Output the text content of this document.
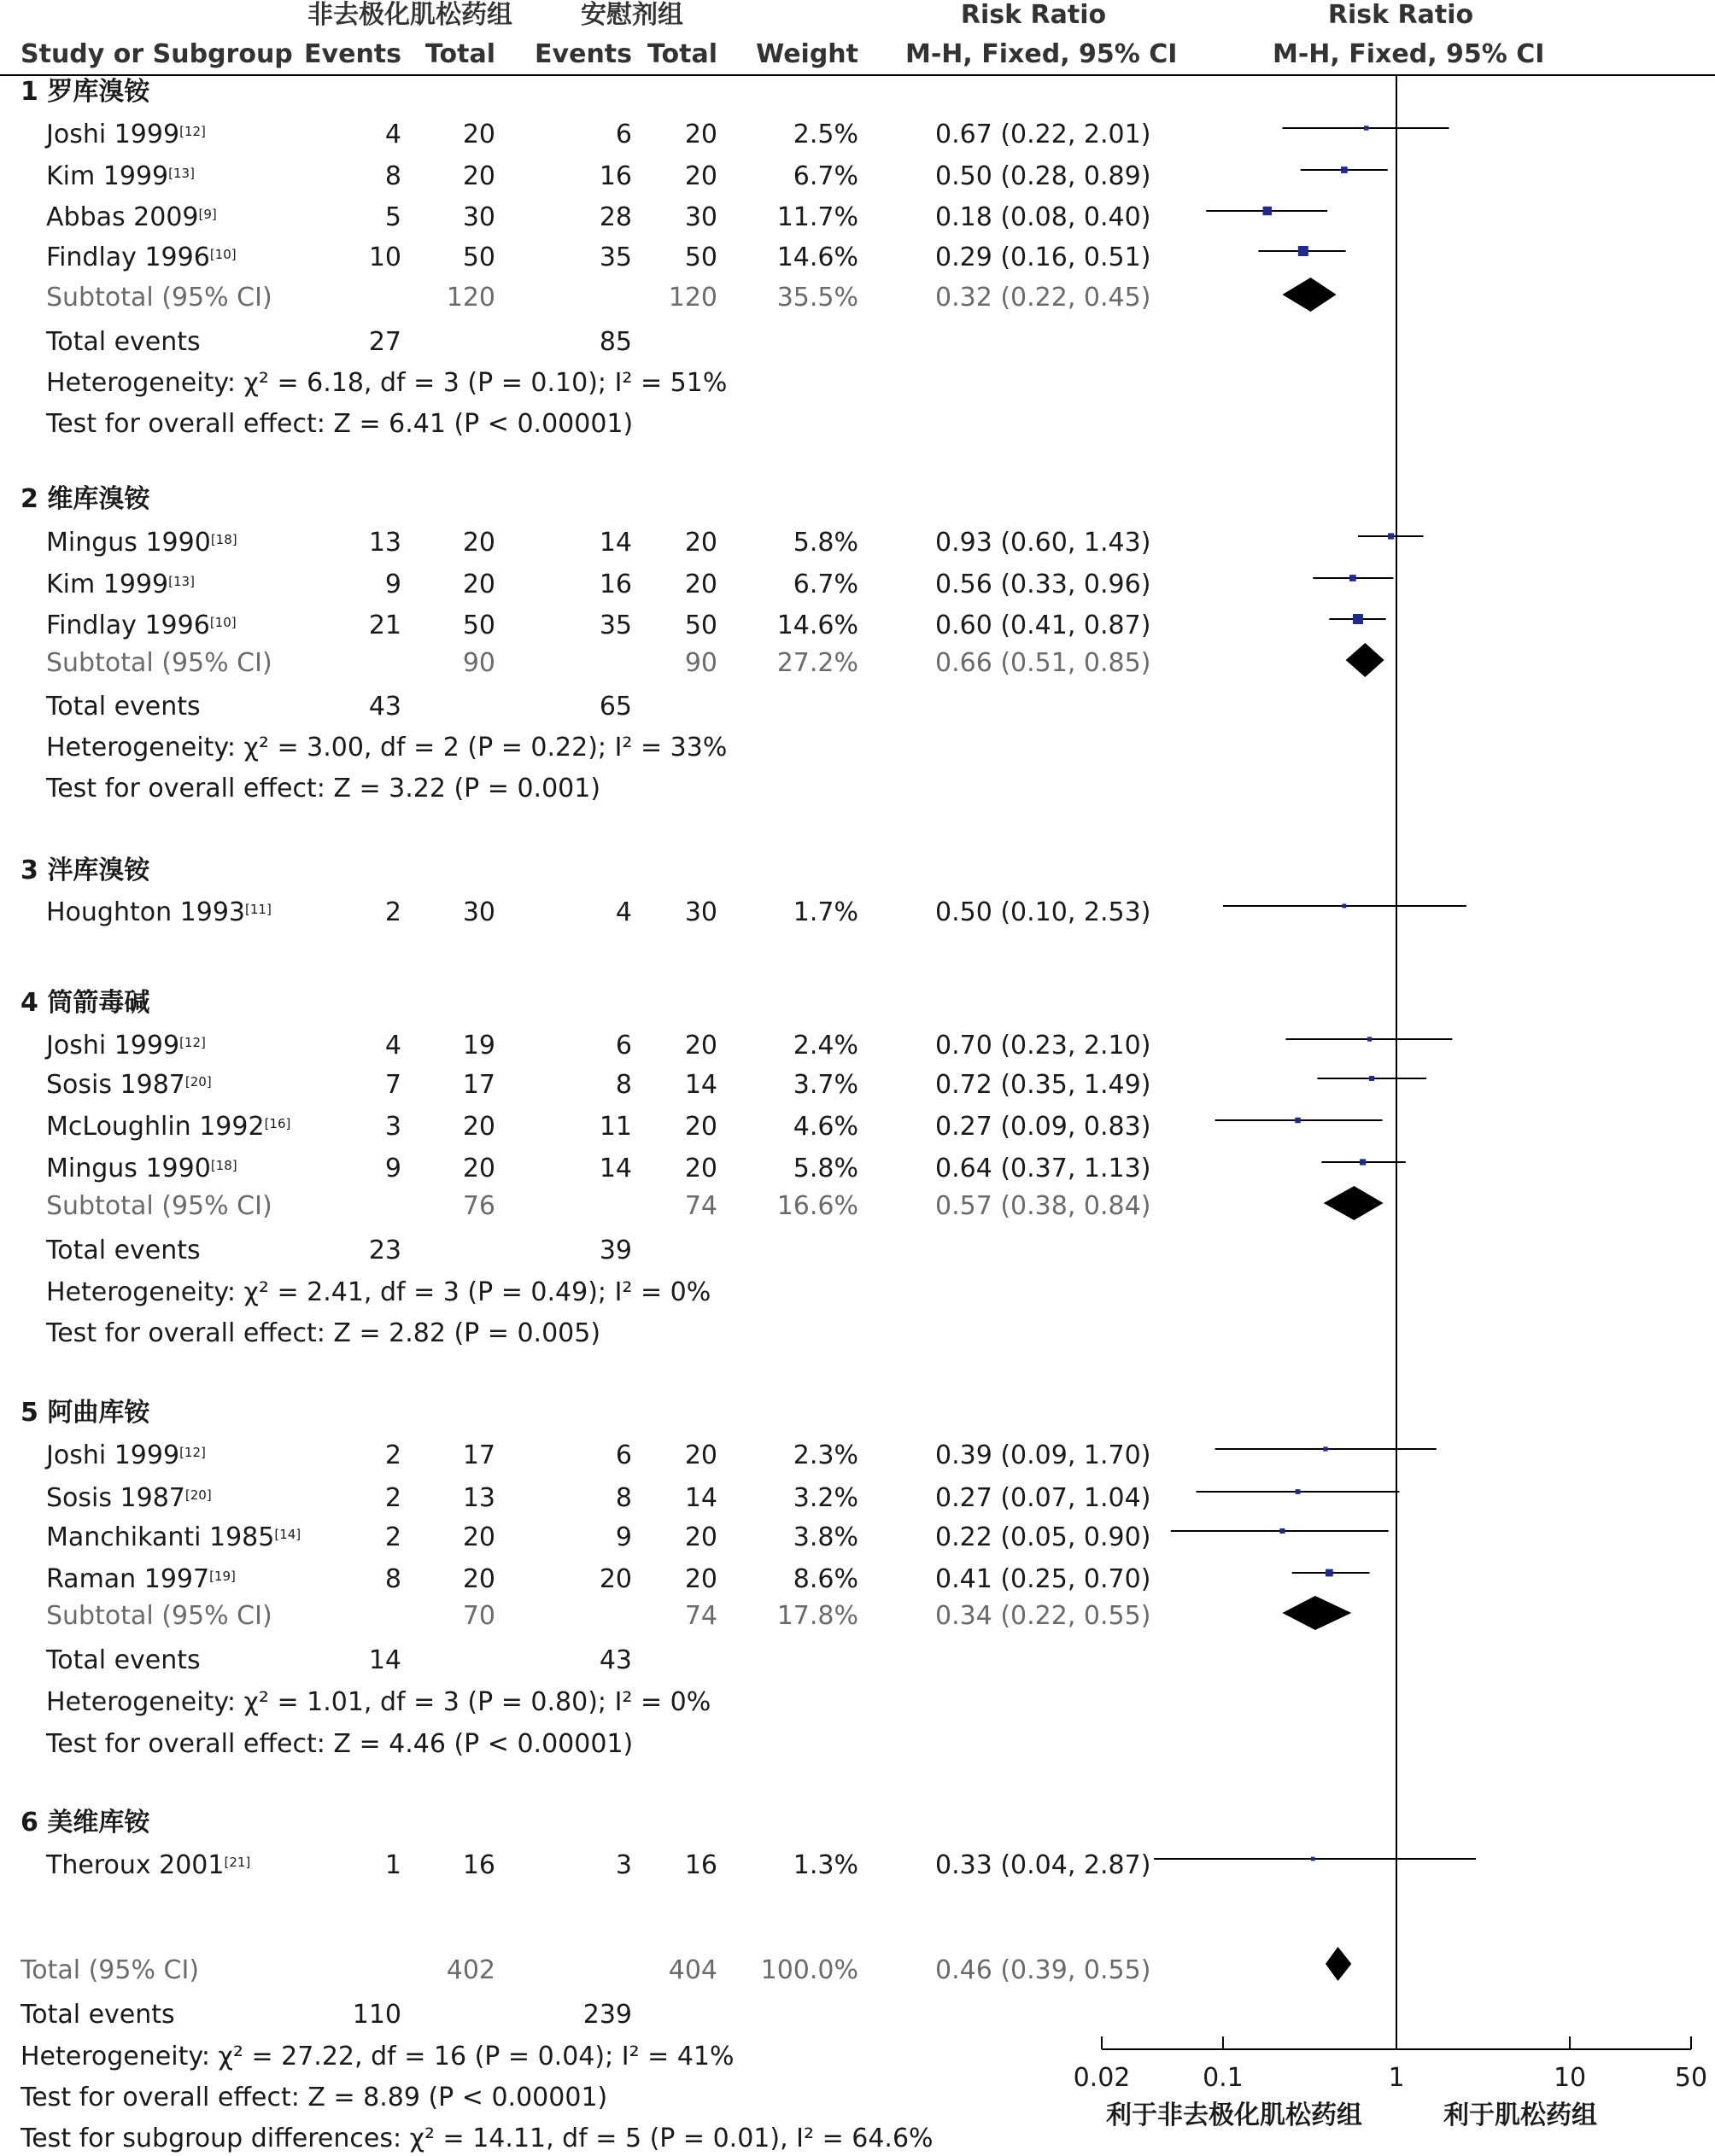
非去极化肌松药组	安慰剂组	Risk Ratio	Risk Ratio
Study or Subgroup Events Total	Events Total	Weight M-H, Fixed, 95% CI	M-H, Fixed, 95% CI
1 罗库溴铵
Joshi 1999[12]	4	20	6	20	2.5%	0.67 (0.22, 2.01)
Kim 1999[13]	8	20	16	20	6.7%	0.50 (0.28, 0.89)
Abbas 2009[9]	5	30	28	30	11.7%	0.18 (0.08, 0.40)
Findlay 1996[10]	10	50	35	50	14.6%	0.29 (0.16, 0.51)
Subtotal (95% CI)	120	120	35.5%	0.32 (0.22, 0.45)
Total events	27	85
Heterogeneity: χ² = 6.18, df = 3 (P = 0.10); I² = 51%
Test for overall effect: Z = 6.41 (P < 0.00001)
2 维库溴铵
Mingus 1990[18]	13	20	14	20	5.8%	0.93 (0.60, 1.43)
Kim 1999[13]	9	20	16	20	6.7%	0.56 (0.33, 0.96)
Findlay 1996[10]	21	50	35	50	14.6%	0.60 (0.41, 0.87)
Subtotal (95% CI)	90	90	27.2%	0.66 (0.51, 0.85)
Total events	43	65
Heterogeneity: χ² = 3.00, df = 2 (P = 0.22); I² = 33%
Test for overall effect: Z = 3.22 (P = 0.001)
3 泮库溴铵
Houghton 1993[11]	2	30	4	30	1.7%	0.50 (0.10, 2.53)
4 筒箭毒碱
Joshi 1999[12]	4	19	6	20	2.4%	0.70 (0.23, 2.10)
Sosis 1987[20]	7	17	8	14	3.7%	0.72 (0.35, 1.49)
McLoughlin 1992[16]	3	20	11	20	4.6%	0.27 (0.09, 0.83)
Mingus 1990[18]	9	20	14	20	5.8%	0.64 (0.37, 1.13)
Subtotal (95% CI)	76	74	16.6%	0.57 (0.38, 0.84)
Total events	23	39
Heterogeneity: χ² = 2.41, df = 3 (P = 0.49); I² = 0%
Test for overall effect: Z = 2.82 (P = 0.005)
5 阿曲库铵
Joshi 1999[12]	2	17	6	20	2.3%	0.39 (0.09, 1.70)
Sosis 1987[20]	2	13	8	14	3.2%	0.27 (0.07, 1.04)
Manchikanti 1985[14]	2	20	9	20	3.8%	0.22 (0.05, 0.90)
Raman 1997[19]	8	20	20	20	8.6%	0.41 (0.25, 0.70)
Subtotal (95% CI)	70	74	17.8%	0.34 (0.22, 0.55)
Total events	14	43
Heterogeneity: χ² = 1.01, df = 3 (P = 0.80); I² = 0%
Test for overall effect: Z = 4.46 (P < 0.00001)
6 美维库铵
Theroux 2001[21]	1	16	3	16	1.3%	0.33 (0.04, 2.87)
Total (95% CI)	402	404	100.0%	0.46 (0.39, 0.55)
Total events	110	239
Heterogeneity: χ² = 27.22, df = 16 (P = 0.04); I² = 41%
Test for overall effect: Z = 8.89 (P < 0.00001)
Test for subgroup differences: χ² = 14.11, df = 5 (P = 0.01), I² = 64.6%
0.02	0.1	1	10	50
利于非去极化肌松药组	利于肌松药组
